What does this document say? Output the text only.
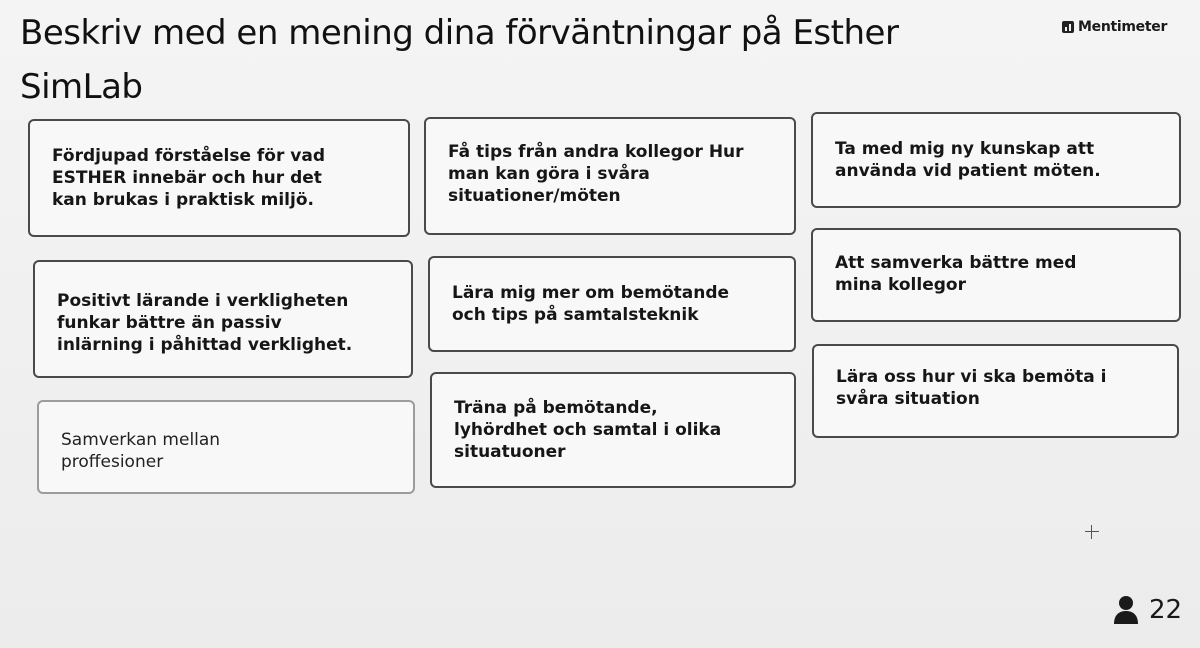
Beskriv med en mening dina förväntningar på Esther SimLab
Mentimeter
Fördjupad förståelse för vad
ESTHER innebär och hur det
kan brukas i praktisk miljö.
Få tips från andra kollegor Hur
man kan göra i svåra
situationer/möten
Ta med mig ny kunskap att
använda vid patient möten.
Positivt lärande i verkligheten
funkar bättre än passiv
inlärning i påhittad verklighet.
Lära mig mer om bemötande
och tips på samtalsteknik
Att samverka bättre med
mina kollegor
Samverkan mellan
proffesioner
Träna på bemötande,
lyhördhet och samtal i olika
situatuoner
Lära oss hur vi ska bemöta i
svåra situation
22
